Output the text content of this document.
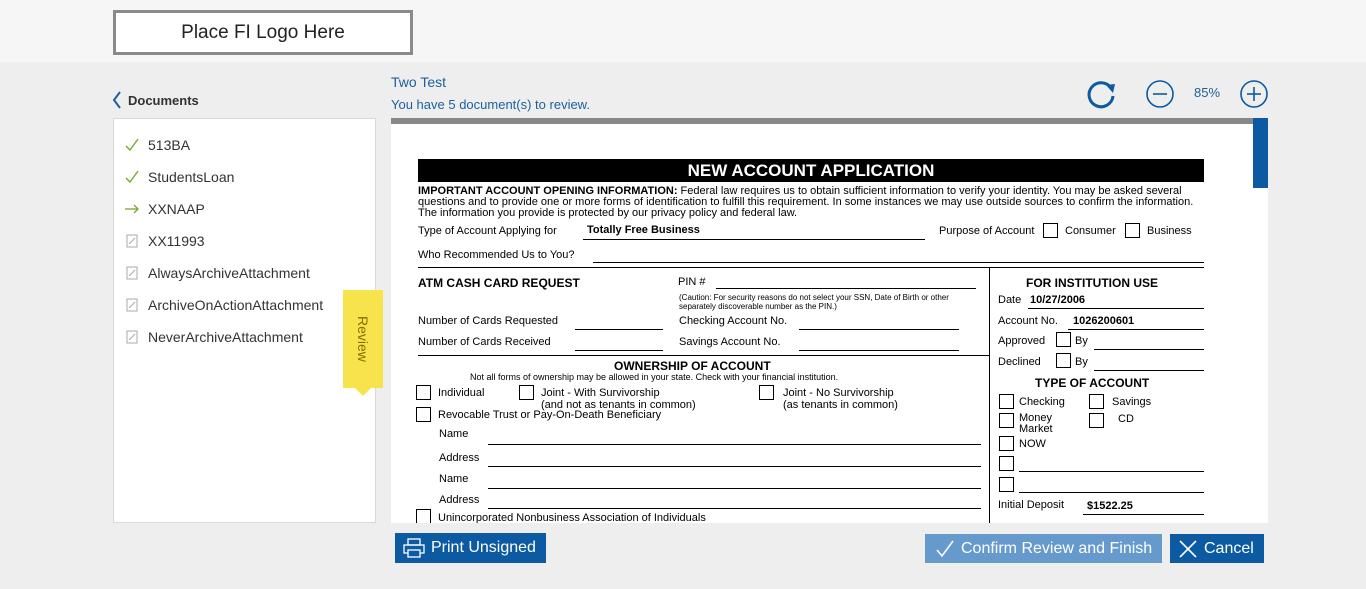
Place FI Logo Here
Documents
513BA
StudentsLoan
XXNAAP
XX11993
AlwaysArchiveAttachment
ArchiveOnActionAttachment
NeverArchiveAttachment	Review
Two Test
You have 5 document(s) to review.
85%
NEW ACCOUNT APPLICATION

IMPORTANT ACCOUNT OPENING INFORMATION: Federal law requires us to obtain sufficient information to verify your identity. You may be asked several questions and to provide one or more forms of identification to fulfill this requirement. In some instances we may use outside sources to confirm the information. The information you provide is protected by our privacy policy and federal law.

Type of Account Applying for	Totally Free Business	Purpose of Account	Consumer	Business
Who Recommended Us to You?
ATM CASH CARD REQUEST	PIN #
(Caution: For security reasons do not select your SSN, Date of Birth or other separately discoverable number as the PIN.)
Number of Cards Requested	Checking Account No.
Number of Cards Received	Savings Account No.
OWNERSHIP OF ACCOUNT
Not all forms of ownership may be allowed in your state. Check with your financial institution.
Individual	Joint - With Survivorship
(and not as tenants in common)
Joint - No Survivorship
(as tenants in common)
Revocable Trust or Pay-On-Death Beneficiary
Name
Address
Name
Address
Unincorporated Nonbusiness Association of Individuals
FOR INSTITUTION USE
Date 10/27/2006
Account No. 1026200601
Approved	By
Declined	By
TYPE OF ACCOUNT
Checking	Savings
Money Market
CD
NOW
Initial Deposit $1522.25
Print Unsigned	Confirm Review and Finish	Cancel
